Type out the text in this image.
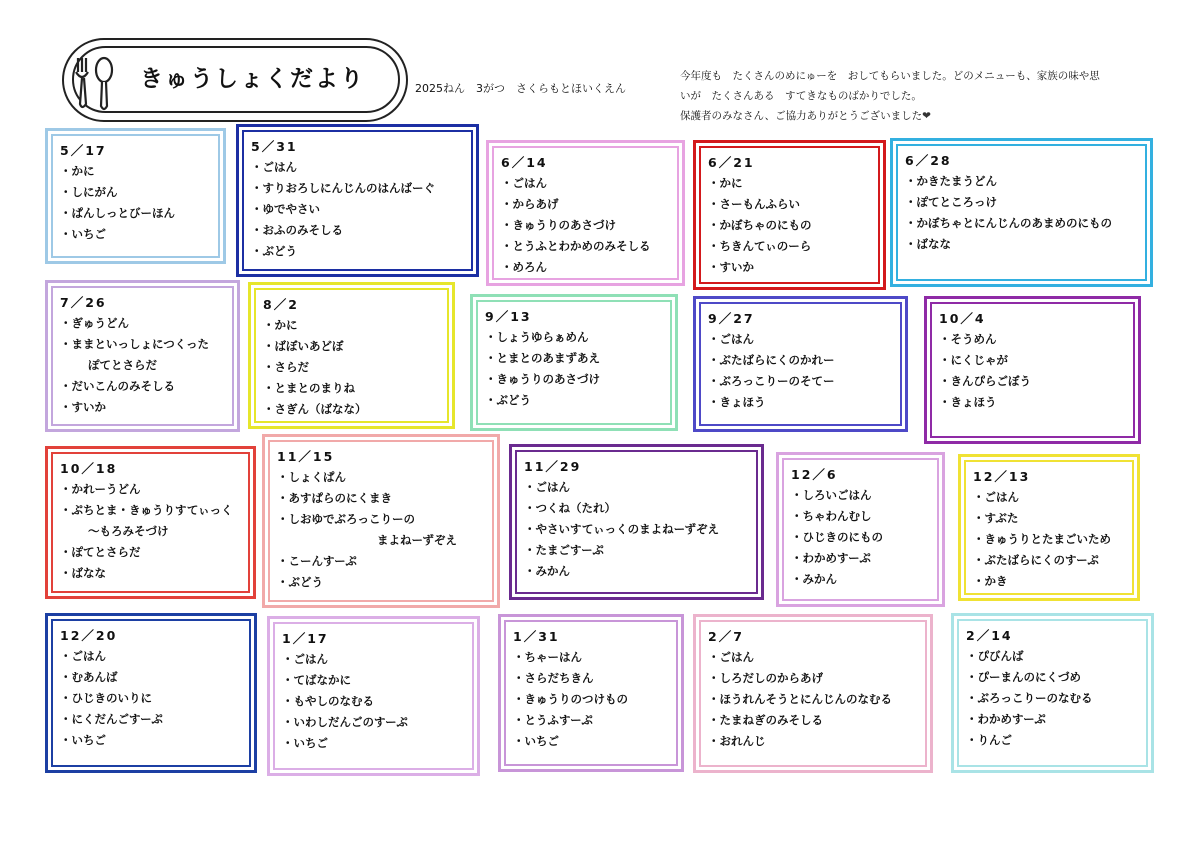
きゅうしょくだより	2025ねん　3がつ　さくらもとほいくえん
今年度も　たくさんのめにゅーを　おしてもらいました。どのメニューも、家族の味や思
いが　たくさんある　すてきなものばかりでした。
保護者のみなさん、ご協力ありがとうございました❤
5／17
・かに
・しにがん
・ぱんしっとびーほん
・いちご
5／31
・ごはん
・すりおろしにんじんのはんばーぐ
・ゆでやさい
・おふのみそしる
・ぶどう
6／14
・ごはん
・からあげ
・きゅうりのあさづけ
・とうふとわかめのみそしる
・めろん
6／21
・かに
・さーもんふらい
・かぼちゃのにもの
・ちきんてぃのーら
・すいか
6／28
・かきたまうどん
・ぽてところっけ
・かぼちゃとにんじんのあまめのにもの
・ばなな
7／26
・ぎゅうどん
・ままといっしょにつくった
ぽてとさらだ
・だいこんのみそしる
・すいか
8／2
・かに
・ばぼいあどぼ
・さらだ
・とまとのまりね
・さぎん（ばなな）
9／13
・しょうゆらぁめん
・とまとのあまずあえ
・きゅうりのあさづけ
・ぶどう
9／27
・ごはん
・ぶたばらにくのかれー
・ぶろっこりーのそてー
・きょほう
10／4
・そうめん
・にくじゃが
・きんぴらごぼう
・きょほう
10／18
・かれーうどん
・ぷちとま・きゅうりすてぃっく
〜もろみそづけ
・ぽてとさらだ
・ばなな
11／15
・しょくぱん
・あすぱらのにくまき
・しおゆでぶろっこりーの
まよねーずぞえ
・こーんすーぷ
・ぶどう
11／29
・ごはん
・つくね（たれ）
・やさいすてぃっくのまよねーずぞえ
・たまごすーぷ
・みかん
12／6
・しろいごはん
・ちゃわんむし
・ひじきのにもの
・わかめすーぷ
・みかん
12／13
・ごはん
・すぶた
・きゅうりとたまごいため
・ぶたばらにくのすーぷ
・かき
12／20
・ごはん
・むあんば
・ひじきのいりに
・にくだんごすーぷ
・いちご
1／17
・ごはん
・てばなかに
・もやしのなむる
・いわしだんごのすーぷ
・いちご
1／31
・ちゃーはん
・さらだちきん
・きゅうりのつけもの
・とうふすーぷ
・いちご
2／7
・ごはん
・しろだしのからあげ
・ほうれんそうとにんじんのなむる
・たまねぎのみそしる
・おれんじ
2／14
・ぴびんば
・ぴーまんのにくづめ
・ぶろっこりーのなむる
・わかめすーぷ
・りんご
